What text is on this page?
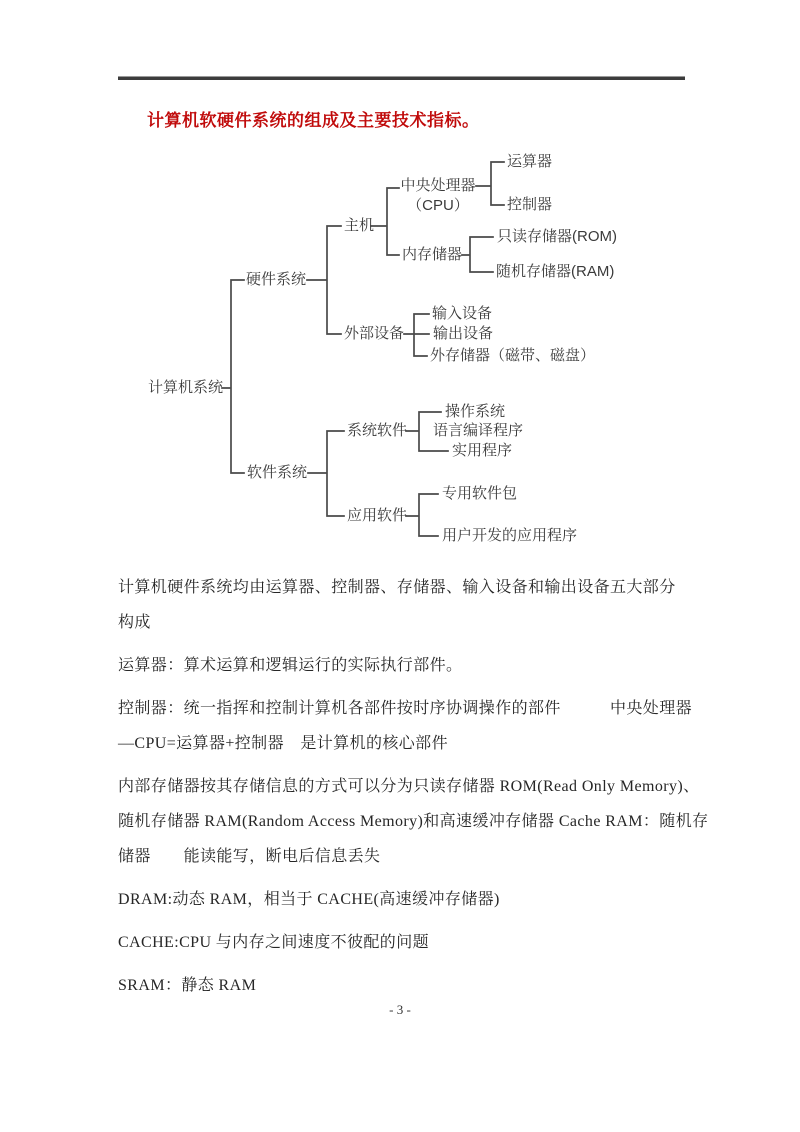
计算机软硬件系统的组成及主要技术指标。
计算机系统
硬件系统
软件系统
主机
中央处理器
（CPU）
内存储器
外部设备
运算器
控制器
只读存储器(ROM)
随机存储器(RAM)
输入设备
输出设备
外存储器（磁带、磁盘）
系统软件
操作系统
语言编译程序
实用程序
应用软件
专用软件包
用户开发的应用程序

计算机硬件系统均由运算器、控制器、存储器、输入设备和输出设备五大部分
构成

运算器：算术运算和逻辑运行的实际执行部件。

控制器：统一指挥和控制计算机各部件按时序协调操作的部件　　　中央处理器
—CPU=运算器+控制器　是计算机的核心部件

内部存储器按其存储信息的方式可以分为只读存储器 ROM(Read Only Memory)、
随机存储器 RAM(Random Access Memory)和高速缓冲存储器 Cache RAM：随机存
储器　　能读能写，断电后信息丢失

DRAM:动态 RAM，相当于 CACHE(高速缓冲存储器)

CACHE:CPU 与内存之间速度不彼配的问题

SRAM：静态 RAM

- 3 -
